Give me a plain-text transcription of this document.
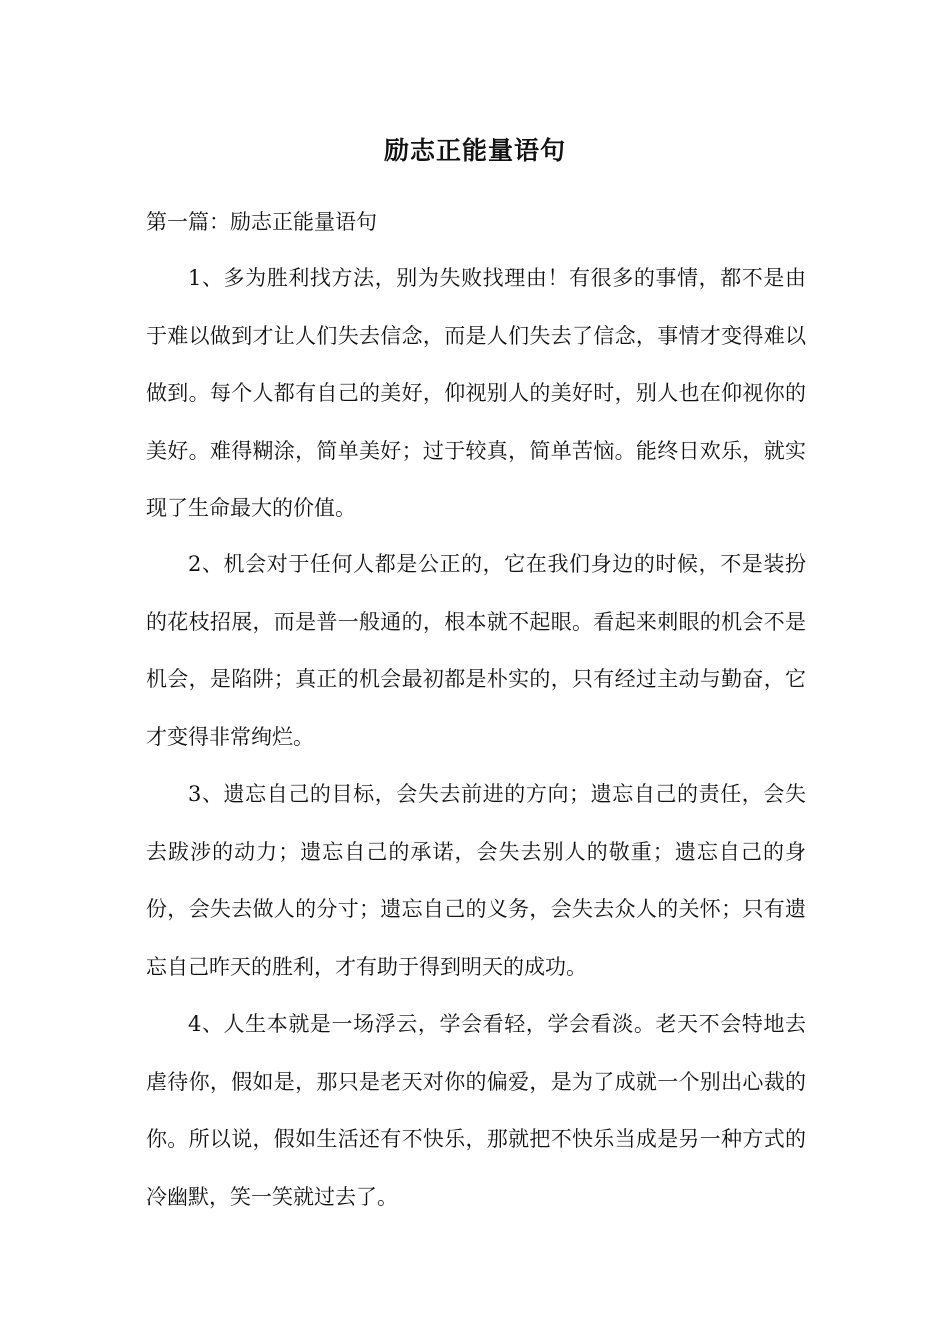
励志正能量语句
第一篇：励志正能量语句

1、多为胜利找方法，别为失败找理由！有很多的事情，都不是由于难以做到才让人们失去信念，而是人们失去了信念，事情才变得难以做到。每个人都有自己的美好，仰视别人的美好时，别人也在仰视你的美好。难得糊涂，简单美好；过于较真，简单苦恼。能终日欢乐，就实现了生命最大的价值。

2、机会对于任何人都是公正的，它在我们身边的时候，不是装扮的花枝招展，而是普一般通的，根本就不起眼。看起来刺眼的机会不是机会，是陷阱；真正的机会最初都是朴实的，只有经过主动与勤奋，它才变得非常绚烂。

3、遗忘自己的目标，会失去前进的方向；遗忘自己的责任，会失去跋涉的动力；遗忘自己的承诺，会失去别人的敬重；遗忘自己的身份，会失去做人的分寸；遗忘自己的义务，会失去众人的关怀；只有遗忘自己昨天的胜利，才有助于得到明天的成功。

4、人生本就是一场浮云，学会看轻，学会看淡。老天不会特地去虐待你，假如是，那只是老天对你的偏爱，是为了成就一个别出心裁的你。所以说，假如生活还有不快乐，那就把不快乐当成是另一种方式的冷幽默，笑一笑就过去了。
